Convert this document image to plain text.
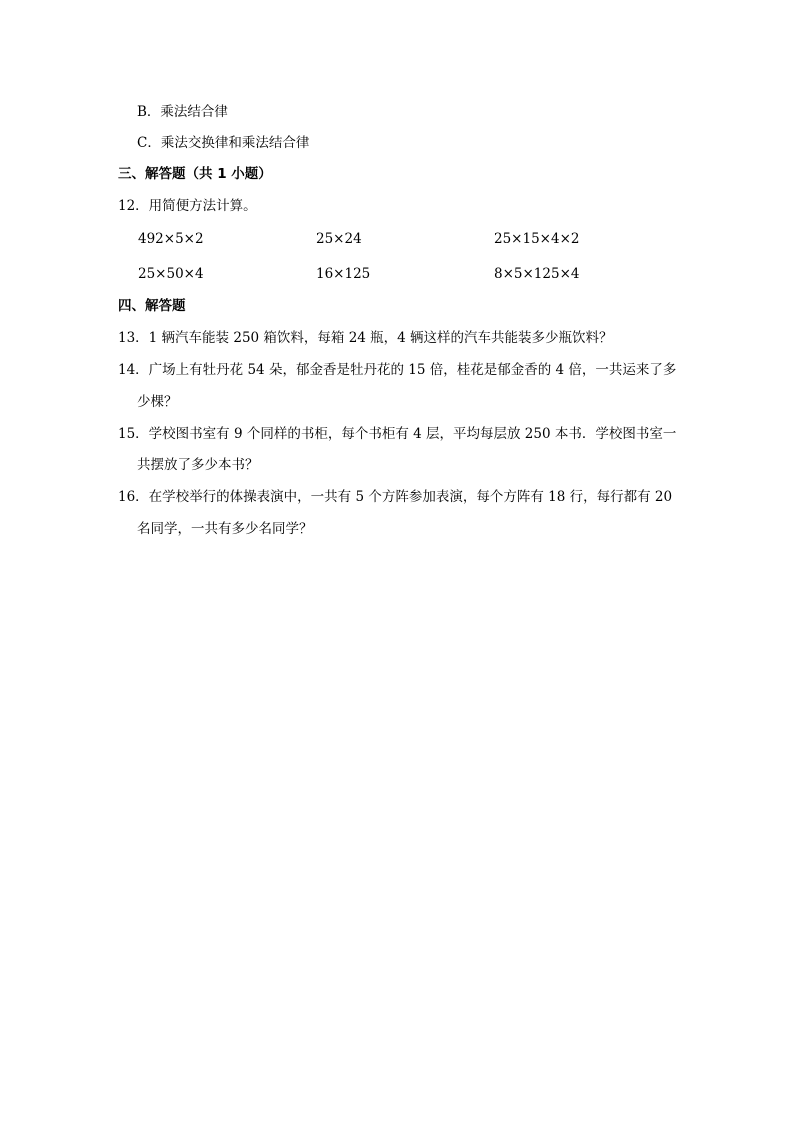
B．乘法结合律
C．乘法交换律和乘法结合律
三、解答题（共 1 小题）
12．用简便方法计算。
492×5×2	25×24	25×15×4×2
25×50×4	16×125	8×5×125×4
四、解答题
13．1 辆汽车能装 250 箱饮料，每箱 24 瓶，4 辆这样的汽车共能装多少瓶饮料？
14．广场上有牡丹花 54 朵，郁金香是牡丹花的 15 倍，桂花是郁金香的 4 倍，一共运来了多
少棵？
15．学校图书室有 9 个同样的书柜，每个书柜有 4 层，平均每层放 250 本书．学校图书室一
共摆放了多少本书？
16．在学校举行的体操表演中，一共有 5 个方阵参加表演，每个方阵有 18 行，每行都有 20
名同学，一共有多少名同学？
